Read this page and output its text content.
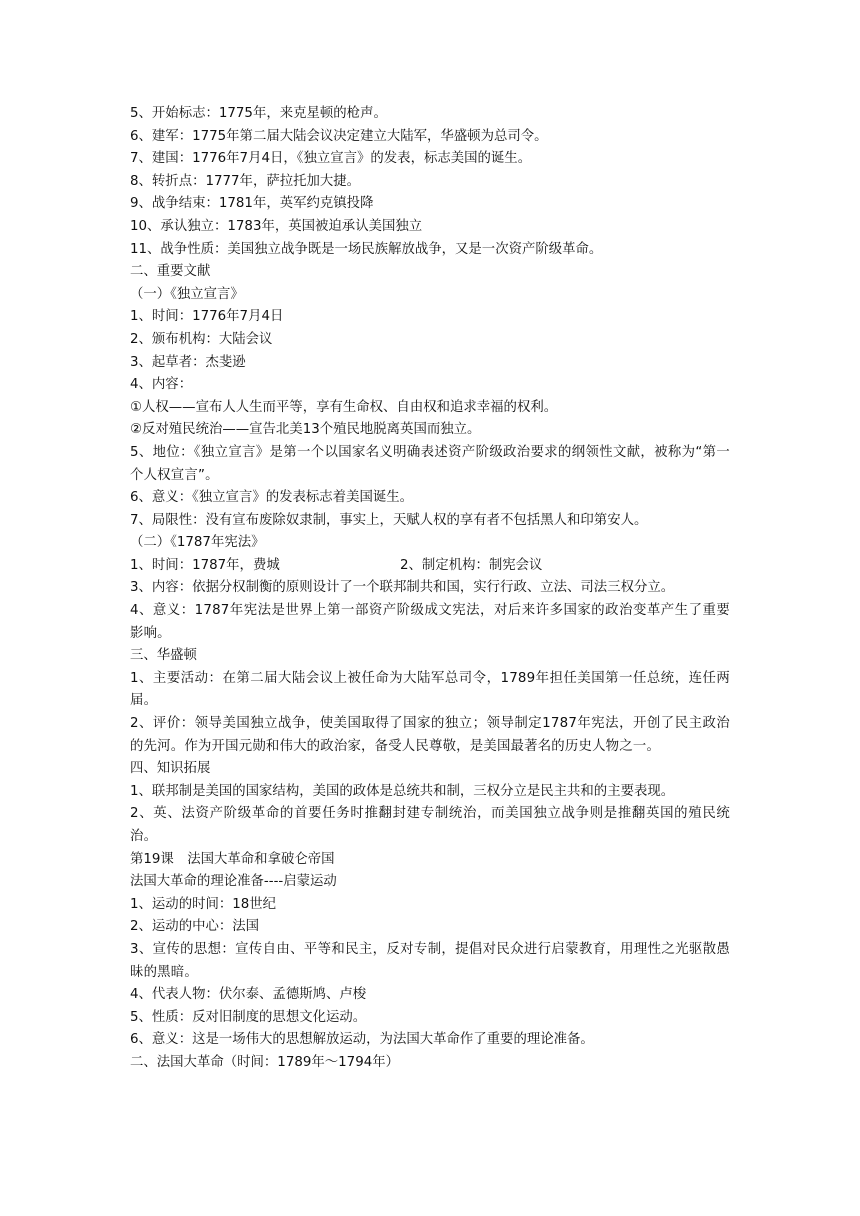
5、开始标志：1775年，来克星顿的枪声。
6、建军：1775年第二届大陆会议决定建立大陆军，华盛顿为总司令。
7、建国：1776年7月4日，《独立宣言》的发表，标志美国的诞生。
8、转折点：1777年，萨拉托加大捷。
9、战争结束：1781年，英军约克镇投降
10、承认独立：1783年，英国被迫承认美国独立
11、战争性质：美国独立战争既是一场民族解放战争，又是一次资产阶级革命。
二、重要文献
（一）《独立宣言》
1、时间：1776年7月4日
2、颁布机构：大陆会议
3、起草者：杰斐逊
4、内容：
①人权——宣布人人生而平等，享有生命权、自由权和追求幸福的权利。
②反对殖民统治——宣告北美13个殖民地脱离英国而独立。
5、地位：《独立宣言》是第一个以国家名义明确表述资产阶级政治要求的纲领性文献，被称为“第一个人权宣言”。
6、意义：《独立宣言》的发表标志着美国诞生。
7、局限性：没有宣布废除奴隶制，事实上，天赋人权的享有者不包括黑人和印第安人。
（二）《1787年宪法》
1、时间：1787年，费城	2、制定机构：制宪会议
3、内容：依据分权制衡的原则设计了一个联邦制共和国，实行行政、立法、司法三权分立。
4、意义：1787年宪法是世界上第一部资产阶级成文宪法，对后来许多国家的政治变革产生了重要影响。
三、华盛顿
1、主要活动：在第二届大陆会议上被任命为大陆军总司令，1789年担任美国第一任总统，连任两届。
2、评价：领导美国独立战争，使美国取得了国家的独立；领导制定1787年宪法，开创了民主政治的先河。作为开国元勋和伟大的政治家，备受人民尊敬，是美国最著名的历史人物之一。
四、知识拓展
1、联邦制是美国的国家结构，美国的政体是总统共和制，三权分立是民主共和的主要表现。
2、英、法资产阶级革命的首要任务时推翻封建专制统治，而美国独立战争则是推翻英国的殖民统治。
第19课　法国大革命和拿破仑帝国
法国大革命的理论准备----启蒙运动
1、运动的时间：18世纪
2、运动的中心：法国
3、宣传的思想：宣传自由、平等和民主，反对专制，提倡对民众进行启蒙教育，用理性之光驱散愚昧的黑暗。
4、代表人物：伏尔泰、孟德斯鸠、卢梭
5、性质：反对旧制度的思想文化运动。
6、意义：这是一场伟大的思想解放运动，为法国大革命作了重要的理论准备。
二、法国大革命（时间：1789年～1794年）
